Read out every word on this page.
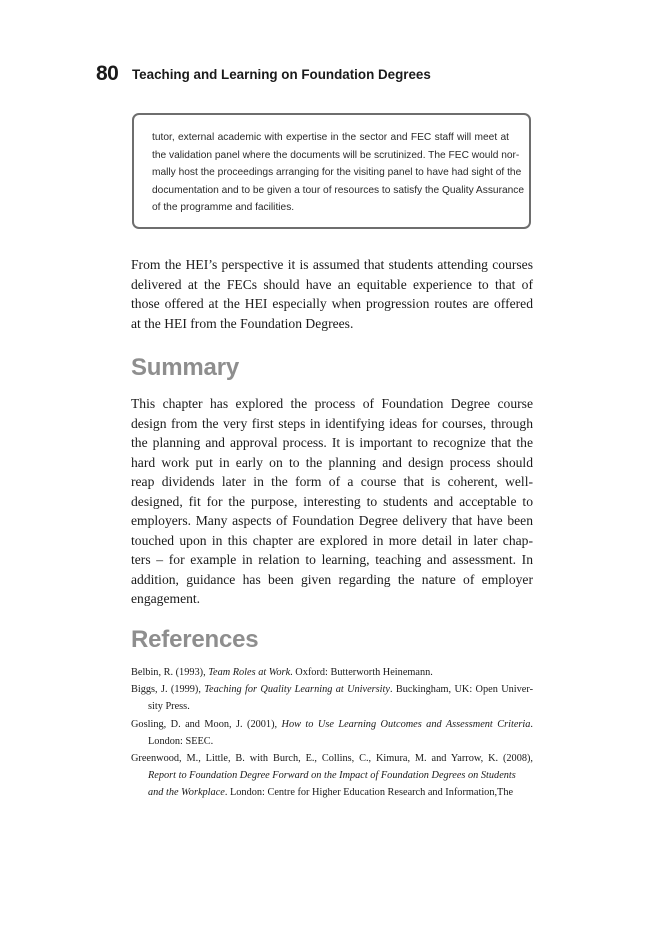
80 Teaching and Learning on Foundation Degrees
tutor, external academic with expertise in the sector and FEC staff will meet at
the validation panel where the documents will be scrutinized. The FEC would nor-
mally host the proceedings arranging for the visiting panel to have had sight of the
documentation and to be given a tour of resources to satisfy the Quality Assurance
of the programme and facilities.
From the HEI’s perspective it is assumed that students attending courses
delivered at the FECs should have an equitable experience to that of
those offered at the HEI especially when progression routes are offered
at the HEI from the Foundation Degrees.
Summary
This chapter has explored the process of Foundation Degree course
design from the very first steps in identifying ideas for courses, through
the planning and approval process. It is important to recognize that the
hard work put in early on to the planning and design process should
reap dividends later in the form of a course that is coherent, well-
designed, fit for the purpose, interesting to students and acceptable to
employers. Many aspects of Foundation Degree delivery that have been
touched upon in this chapter are explored in more detail in later chap-
ters – for example in relation to learning, teaching and assessment. In
addition, guidance has been given regarding the nature of employer
engagement.
References
Belbin, R. (1993), Team Roles at Work. Oxford: Butterworth Heinemann.
Biggs, J. (1999), Teaching for Quality Learning at University. Buckingham, UK: Open Univer-
sity Press.
Gosling, D. and Moon, J. (2001), How to Use Learning Outcomes and Assessment Criteria.
London: SEEC.
Greenwood, M., Little, B. with Burch, E., Collins, C., Kimura, M. and Yarrow, K. (2008),
Report to Foundation Degree Forward on the Impact of Foundation Degrees on Students
and the Workplace. London: Centre for Higher Education Research and Information,The
